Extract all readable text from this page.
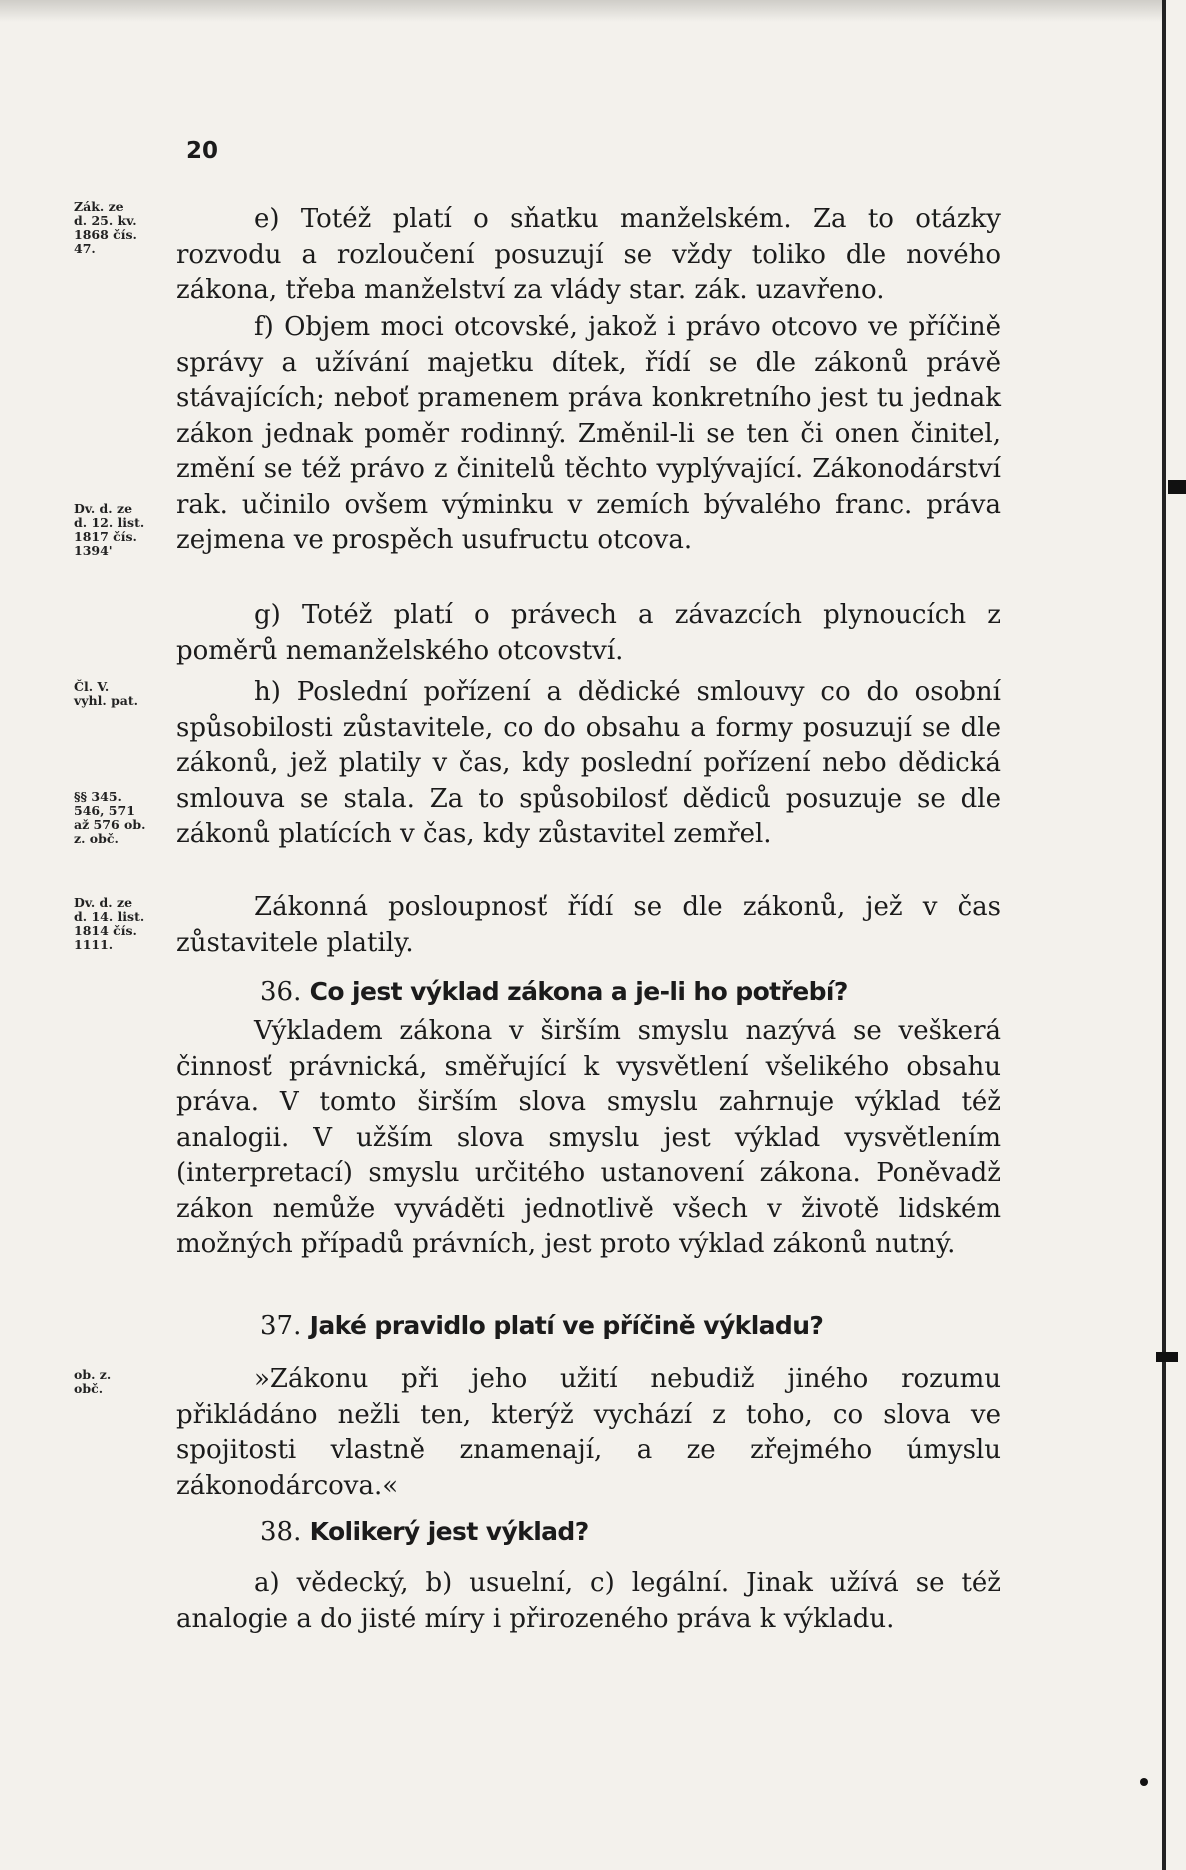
20
Zák. ze
d. 25. kv.
1868 čís.
47.
Dv. d. ze
d. 12. list.
1817 čís.
1394'
Čl. V.
vyhl. pat.
§§ 345.
546, 571
až 576 ob.
z. obč.
Dv. d. ze
d. 14. list.
1814 čís.
1111.
ob. z.
obč.
e) Totéž platí o sňatku manželském. Za to otázky rozvodu a rozloučení posuzují se vždy toliko dle nového zákona, třeba manželství za vlády star. zák. uzavřeno.
f) Objem moci otcovské, jakož i právo otcovo ve příčině správy a užívání majetku dítek, řídí se dle zákonů právě stávajících; neboť pramenem práva konkretního jest tu jednak zákon jednak poměr rodinný. Změnil-li se ten či onen činitel, změní se též právo z činitelů těchto vyplývající. Zákonodárství rak. učinilo ovšem výminku v zemích bývalého franc. práva zejmena ve prospěch usufructu otcova.
g) Totéž platí o právech a závazcích plynoucích z poměrů nemanželského otcovství.
h) Poslední pořízení a dědické smlouvy co do osobní spůsobilosti zůstavitele, co do obsahu a formy posuzují se dle zákonů, jež platily v čas, kdy poslední pořízení nebo dědická smlouva se stala. Za to spůsobilosť dědiců posuzuje se dle zákonů platících v čas, kdy zůstavitel zemřel.
Zákonná posloupnosť řídí se dle zákonů, jež v čas zůstavitele platily.
36. Co jest výklad zákona a je-li ho potřebí?
Výkladem zákona v širším smyslu nazývá se veškerá činnosť právnická, směřující k vysvětlení všelikého obsahu práva. V tomto širším slova smyslu zahrnuje výklad též analogii. V užším slova smyslu jest výklad vysvětlením (interpretací) smyslu určitého ustanovení zákona. Poněvadž zákon nemůže vyváděti jednotlivě všech v životě lidském možných případů právních, jest proto výklad zákonů nutný.
37. Jaké pravidlo platí ve příčině výkladu?
»Zákonu při jeho užití nebudiž jiného rozumu přikládáno nežli ten, kterýž vychází z toho, co slova ve spojitosti vlastně znamenají, a ze zřejmého úmyslu zákonodárcova.«
38. Kolikerý jest výklad?
a) vědecký, b) usuelní, c) legální. Jinak užívá se též analogie a do jisté míry i přirozeného práva k výkladu.
